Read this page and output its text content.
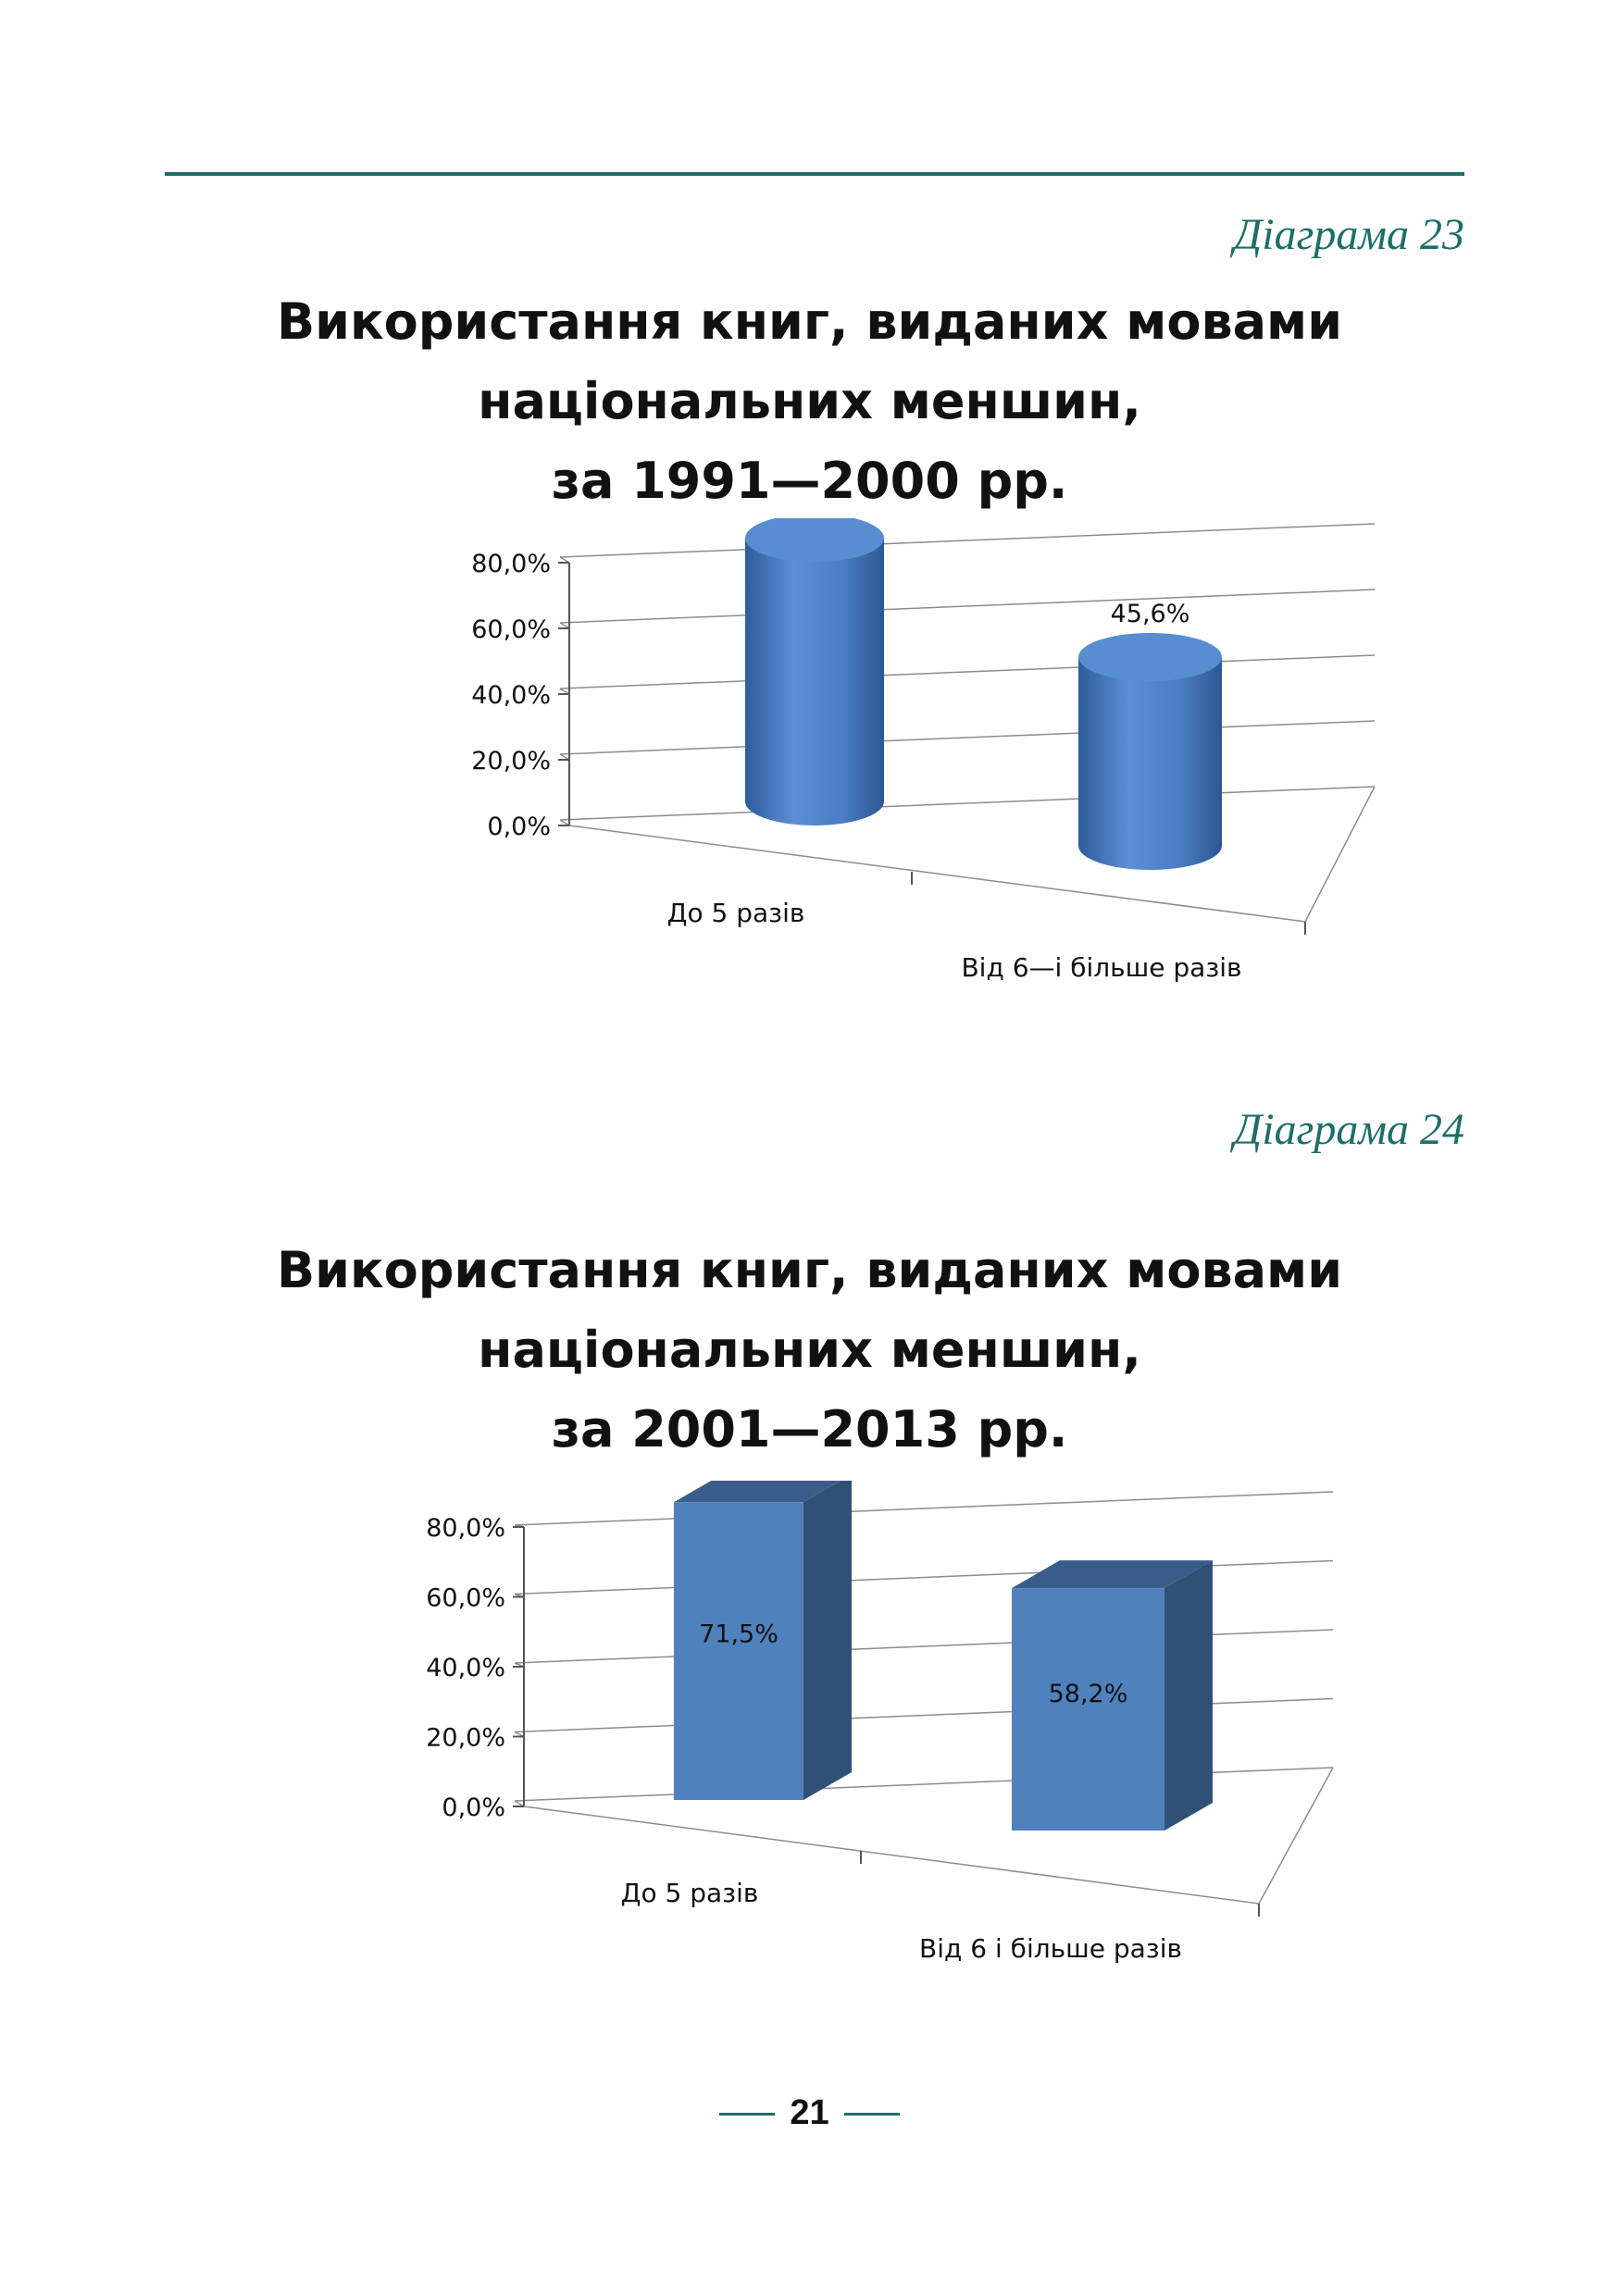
Діаграма 23
Використання книг, виданих мовами
національних меншин,
за 1991—2000 рр.
0,0%
20,0%
40,0%
60,0%
80,0%
45,6%
До 5 разів
Від 6—і більше разів
Діаграма 24
Використання книг, виданих мовами
національних меншин,
за 2001—2013 рр.
0,0%
20,0%
40,0%
60,0%
80,0%
71,5%
58,2%
До 5 разів
Від 6 і більше разів
21
